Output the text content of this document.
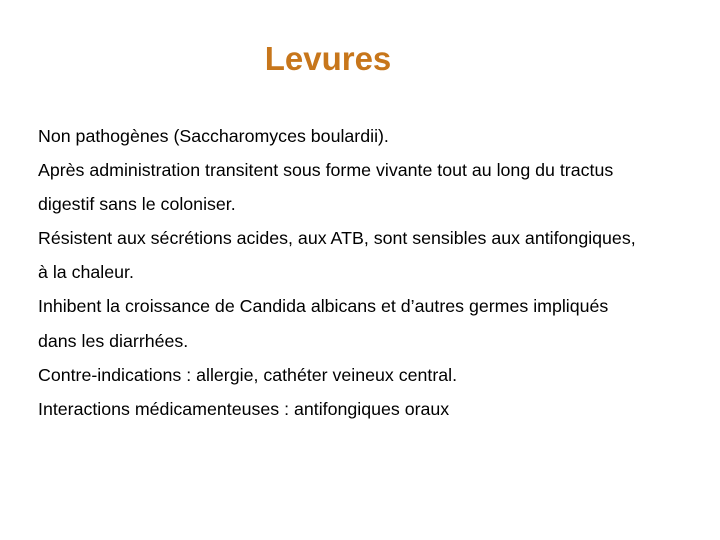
Levures
Non pathogènes (Saccharomyces boulardii).
Après administration transitent sous forme vivante tout au long du tractus
digestif sans le coloniser.
Résistent aux sécrétions acides, aux ATB, sont sensibles aux antifongiques,
à la chaleur.
Inhibent la croissance de Candida albicans et d’autres germes impliqués
dans les diarrhées.
Contre-indications : allergie, cathéter veineux central.
Interactions médicamenteuses : antifongiques oraux
